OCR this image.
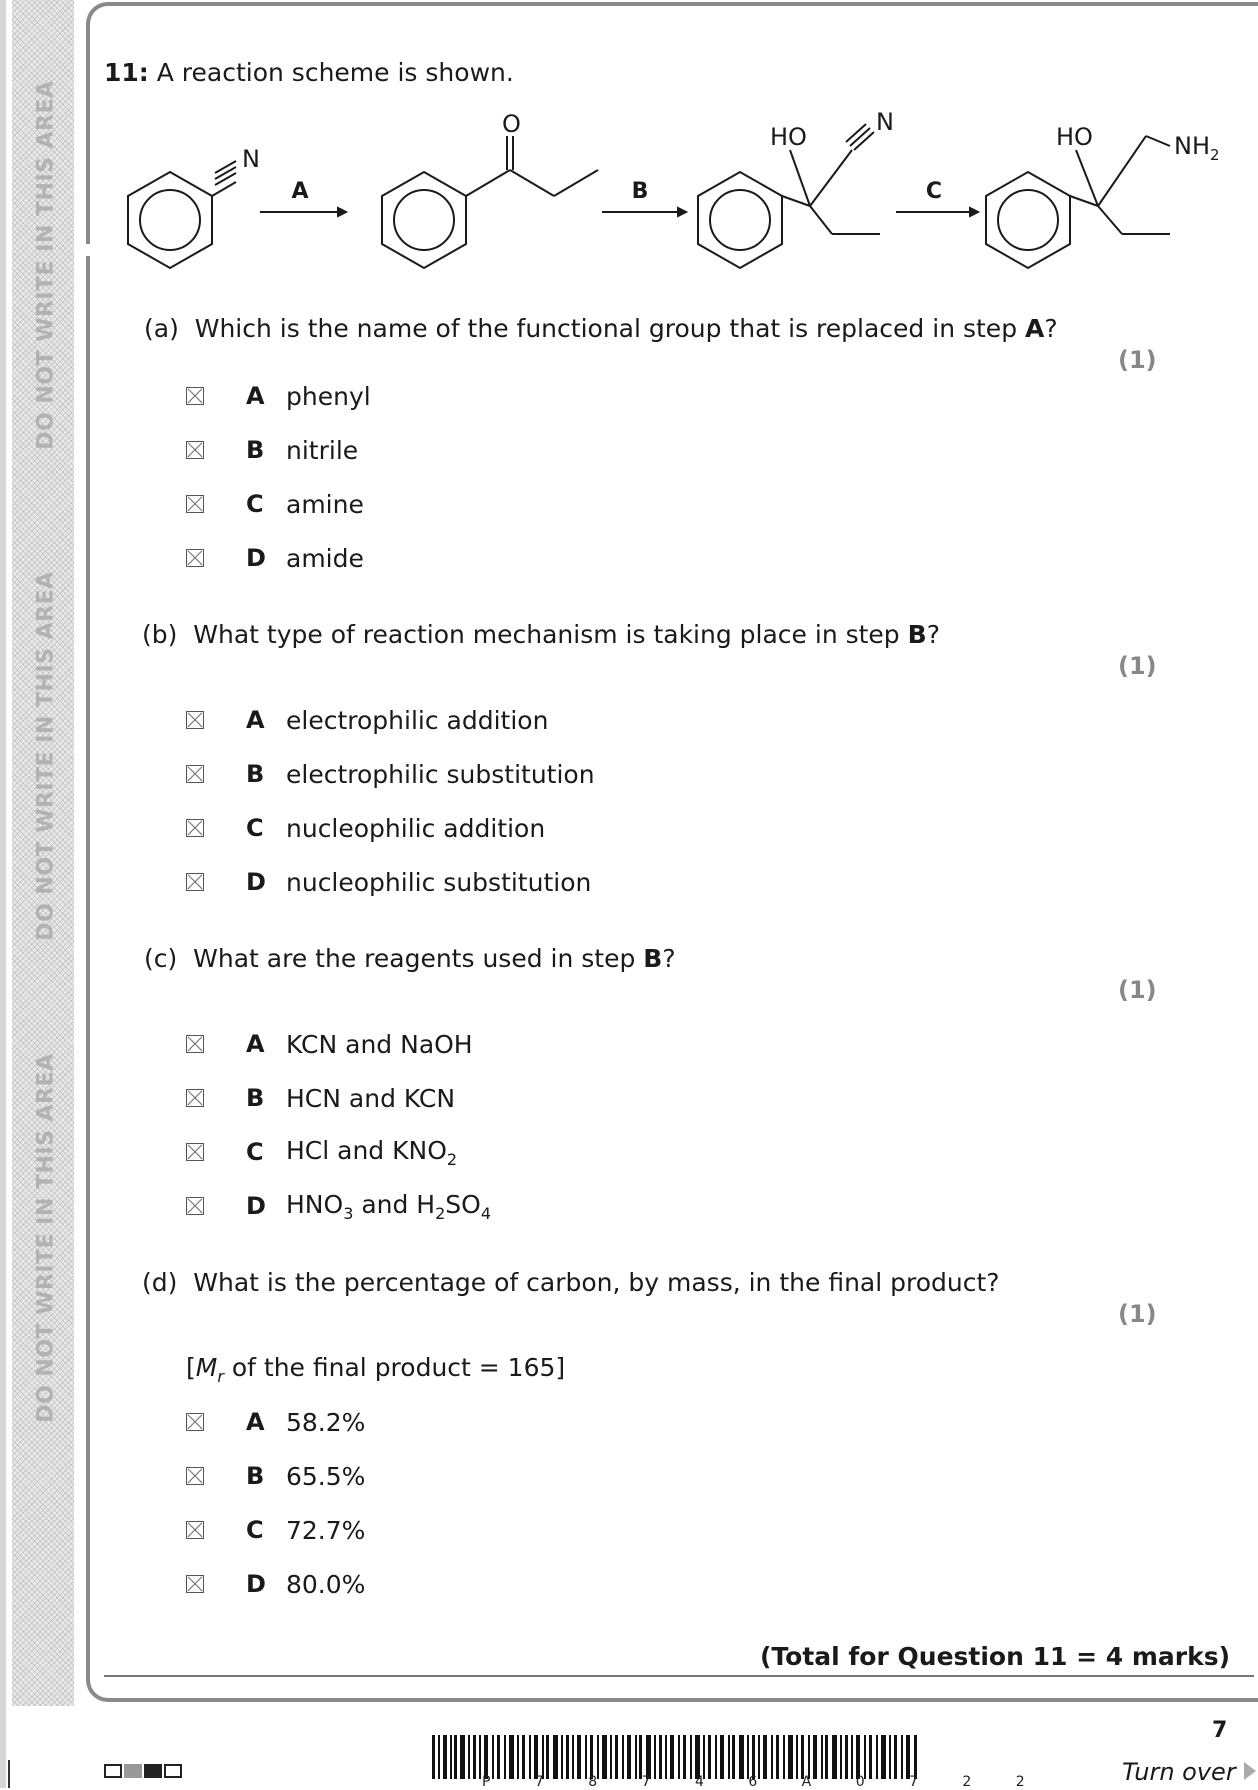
DO NOT WRITE IN THIS AREA
DO NOT WRITE IN THIS AREA
DO NOT WRITE IN THIS AREA
11: A reaction scheme is shown.
N
O	HO
N
HO	$NH_2$
A	B	C
(a) Which is the name of the functional group that is replaced in step A?
(1)
A phenyl
B nitrile
C amine
D amide
(b) What type of reaction mechanism is taking place in step B?
(1)
A electrophilic addition
B electrophilic substitution
C nucleophilic addition
D nucleophilic substitution
(c) What are the reagents used in step B?
(1)
A KCN and NaOH
B HCN and KCN
C HCl and $KNO_2$
D $HNO_3$ and $H_2SO_4$
(d) What is the percentage of carbon, by mass, in the final product?
(1)
[$M_r$ of the final product = 165]
A 58.2%
B 65.5%
C 72.7%
D 80.0%
(Total for Question 11 = 4 marks)
P 7 8 7 4 6 A 0 7 2 2
7
Turn over
